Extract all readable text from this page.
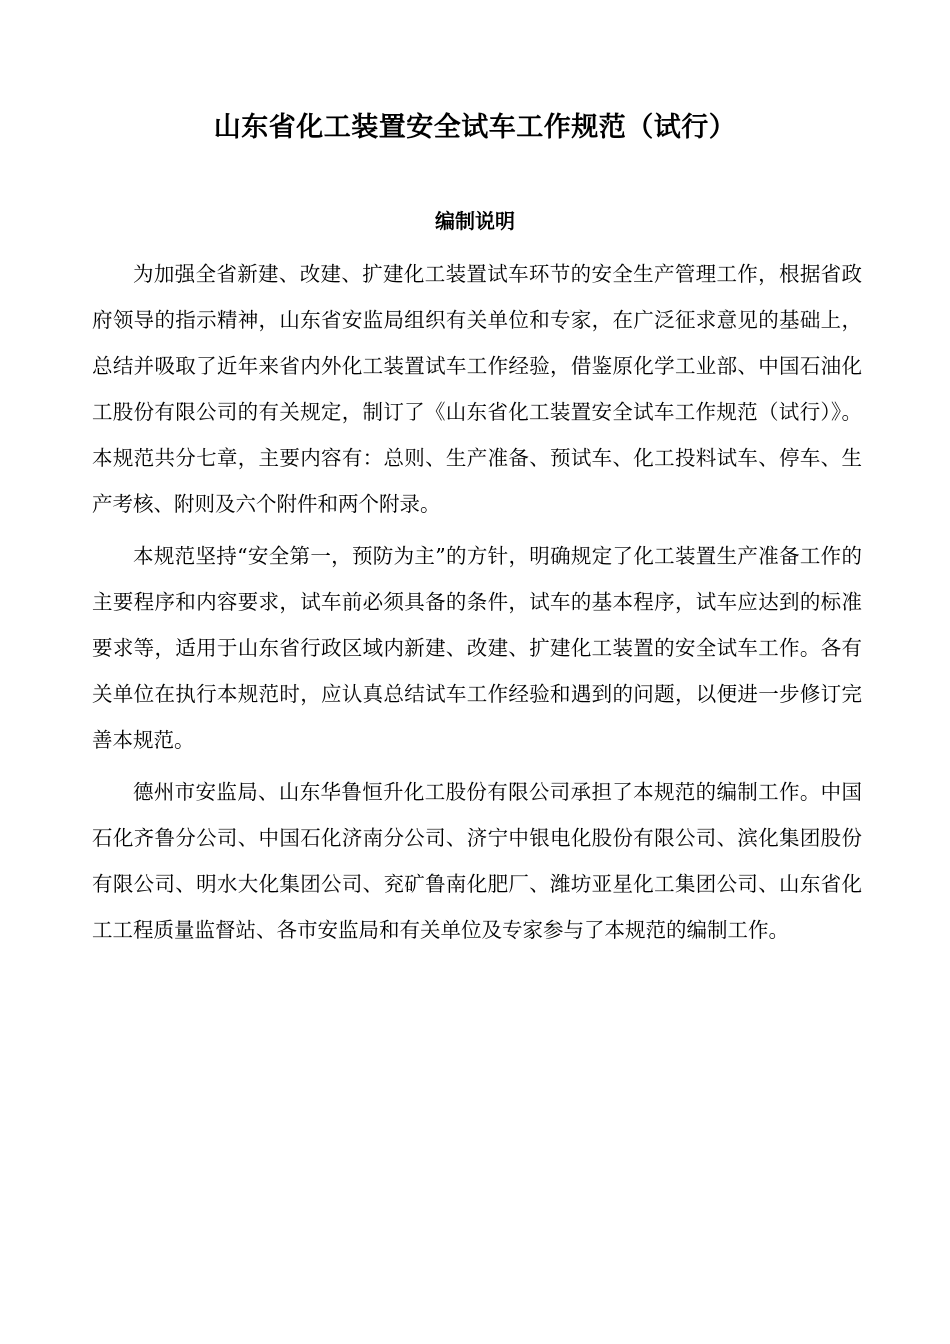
山东省化工装置安全试车工作规范（试行）
编制说明

为加强全省新建、改建、扩建化工装置试车环节的安全生产管理工作，根据省政府领导的指示精神，山东省安监局组织有关单位和专家，在广泛征求意见的基础上，总结并吸取了近年来省内外化工装置试车工作经验，借鉴原化学工业部、中国石油化工股份有限公司的有关规定，制订了《山东省化工装置安全试车工作规范（试行）》。本规范共分七章，主要内容有：总则、生产准备、预试车、化工投料试车、停车、生产考核、附则及六个附件和两个附录。

本规范坚持“安全第一，预防为主”的方针，明确规定了化工装置生产准备工作的主要程序和内容要求，试车前必须具备的条件，试车的基本程序，试车应达到的标准要求等，适用于山东省行政区域内新建、改建、扩建化工装置的安全试车工作。各有关单位在执行本规范时，应认真总结试车工作经验和遇到的问题，以便进一步修订完善本规范。

德州市安监局、山东华鲁恒升化工股份有限公司承担了本规范的编制工作。中国石化齐鲁分公司、中国石化济南分公司、济宁中银电化股份有限公司、滨化集团股份有限公司、明水大化集团公司、兖矿鲁南化肥厂、潍坊亚星化工集团公司、山东省化工工程质量监督站、各市安监局和有关单位及专家参与了本规范的编制工作。
